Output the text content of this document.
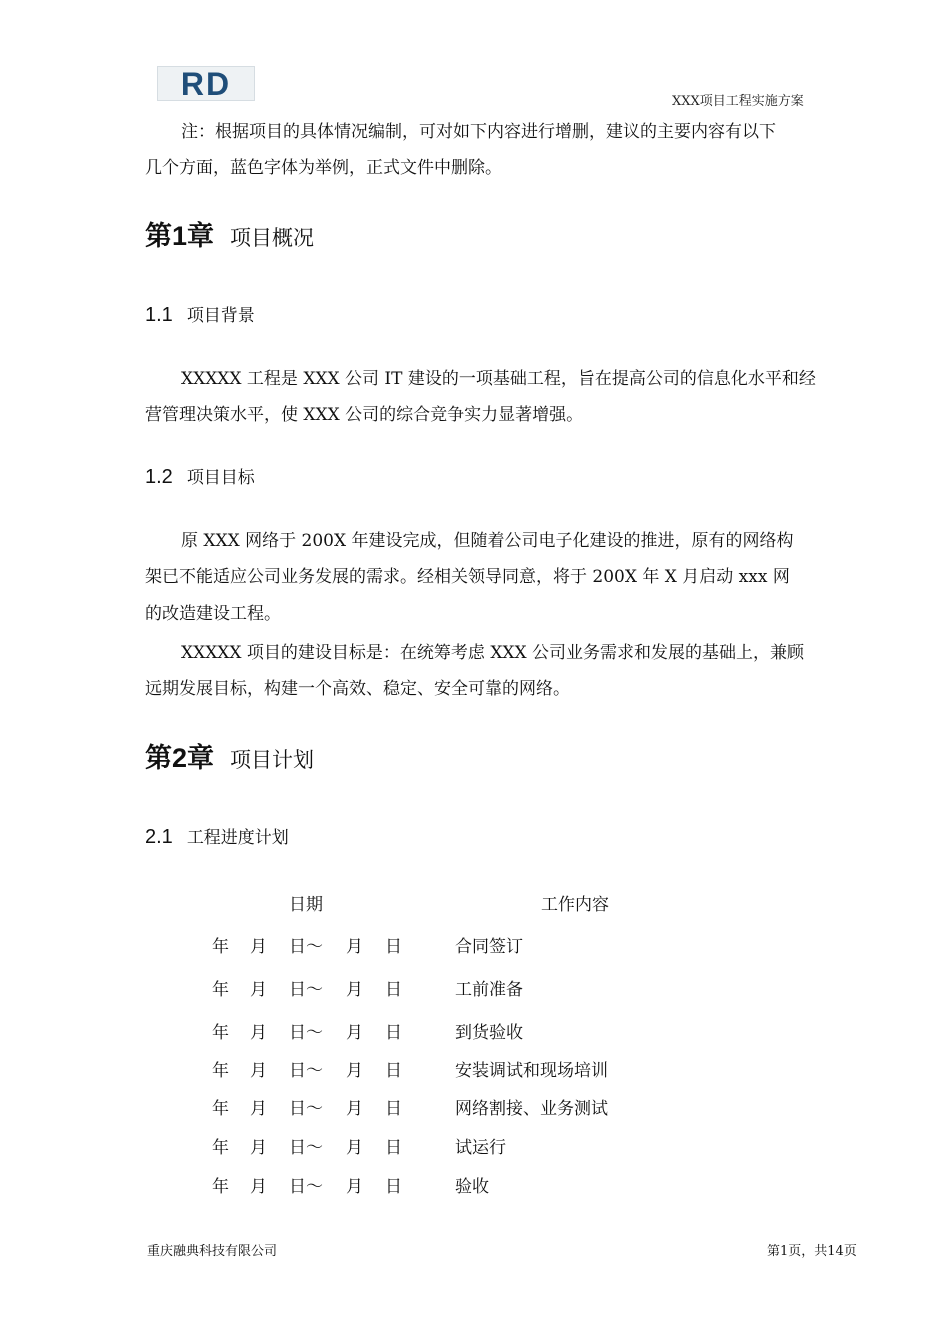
RD	XXX项目工程实施方案
注：根据项目的具体情况编制，可对如下内容进行增删，建议的主要内容有以下
几个方面，蓝色字体为举例，正式文件中删除。
第1章 项目概况
1.1 项目背景
XXXXX 工程是 XXX 公司 IT 建设的一项基础工程，旨在提高公司的信息化水平和经
营管理决策水平，使 XXX 公司的综合竞争实力显著增强。
1.2 项目目标
原 XXX 网络于 200X 年建设完成，但随着公司电子化建设的推进，原有的网络构
架已不能适应公司业务发展的需求。经相关领导同意，将于 200X 年 X 月启动 xxx 网
的改造建设工程。
XXXXX 项目的建设目标是：在统筹考虑 XXX 公司业务需求和发展的基础上，兼顾
远期发展目标，构建一个高效、稳定、安全可靠的网络。
第2章 项目计划
2.1 工程进度计划
日期	工作内容
年 月 日～ 月 日	合同签订
年 月 日～ 月 日	工前准备
年 月 日～ 月 日	到货验收
年 月 日～ 月 日	安装调试和现场培训
年 月 日～ 月 日	网络割接、业务测试
年 月 日～ 月 日	试运行
年 月 日～ 月 日	验收
重庆融典科技有限公司	第1页，共14页
